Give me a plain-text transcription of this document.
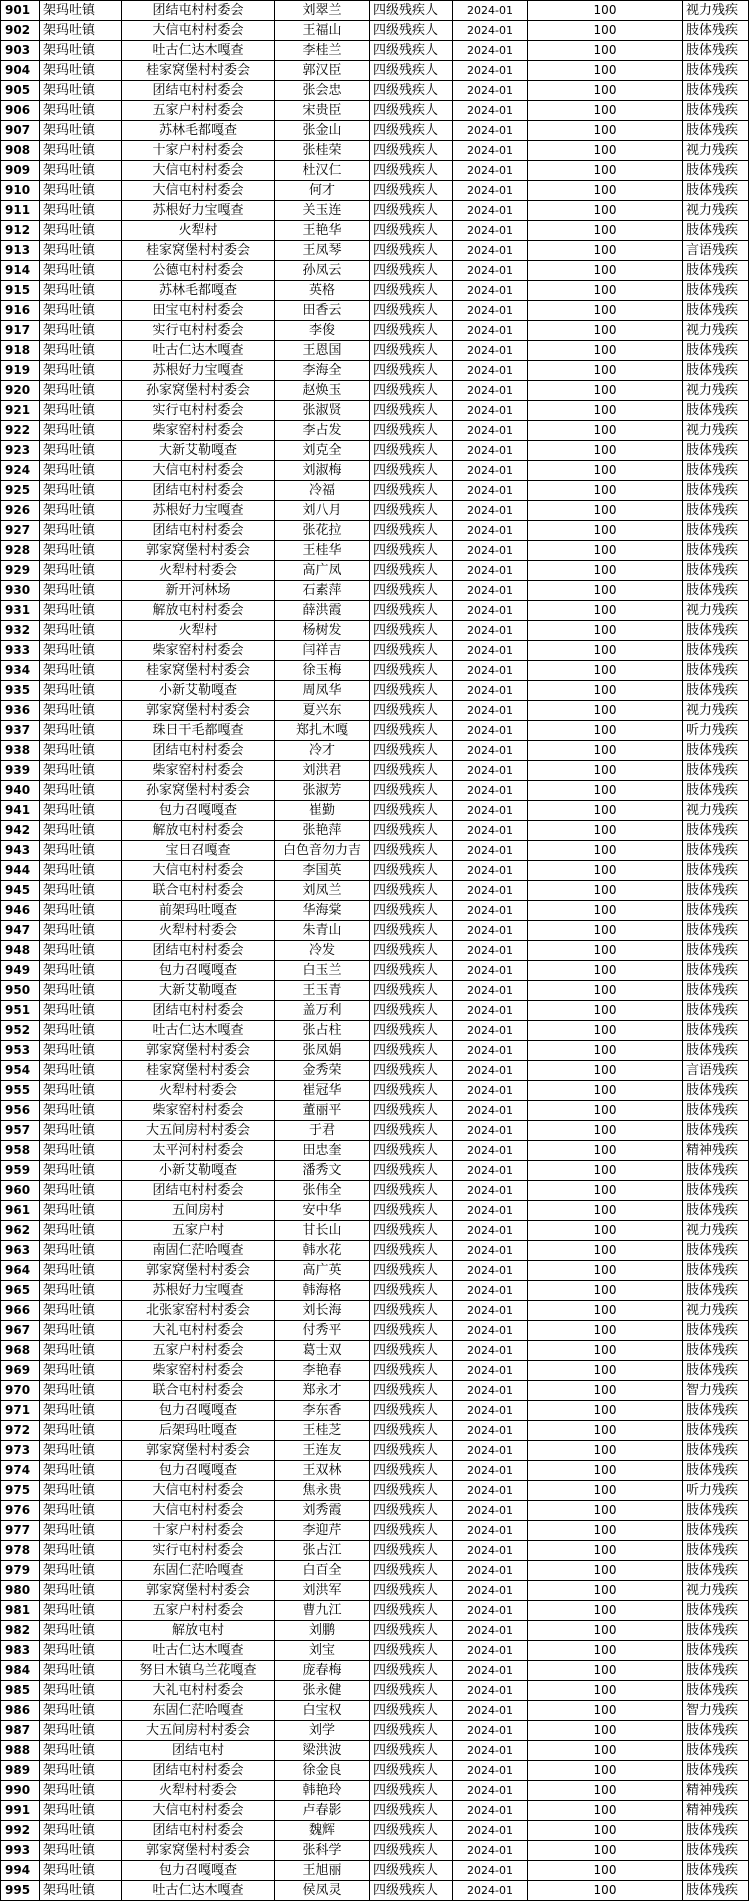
901	架玛吐镇	团结屯村村委会	刘翠兰	四级残疾人	2024-01	100	视力残疾
902	架玛吐镇	大信屯村村委会	王福山	四级残疾人	2024-01	100	肢体残疾
903	架玛吐镇	吐古仁达木嘎查	李桂兰	四级残疾人	2024-01	100	肢体残疾
904	架玛吐镇	桂家窝堡村村委会	郭汉臣	四级残疾人	2024-01	100	肢体残疾
905	架玛吐镇	团结屯村村委会	张会忠	四级残疾人	2024-01	100	肢体残疾
906	架玛吐镇	五家户村村委会	宋贵臣	四级残疾人	2024-01	100	肢体残疾
907	架玛吐镇	苏林毛都嘎查	张金山	四级残疾人	2024-01	100	肢体残疾
908	架玛吐镇	十家户村村委会	张桂荣	四级残疾人	2024-01	100	视力残疾
909	架玛吐镇	大信屯村村委会	杜汉仁	四级残疾人	2024-01	100	肢体残疾
910	架玛吐镇	大信屯村村委会	何才	四级残疾人	2024-01	100	肢体残疾
911	架玛吐镇	苏根好力宝嘎查	关玉连	四级残疾人	2024-01	100	视力残疾
912	架玛吐镇	火犁村	王艳华	四级残疾人	2024-01	100	肢体残疾
913	架玛吐镇	桂家窝堡村村委会	王凤琴	四级残疾人	2024-01	100	言语残疾
914	架玛吐镇	公德屯村村委会	孙凤云	四级残疾人	2024-01	100	肢体残疾
915	架玛吐镇	苏林毛都嘎查	英格	四级残疾人	2024-01	100	肢体残疾
916	架玛吐镇	田宝屯村村委会	田香云	四级残疾人	2024-01	100	肢体残疾
917	架玛吐镇	实行屯村村委会	李俊	四级残疾人	2024-01	100	视力残疾
918	架玛吐镇	吐古仁达木嘎查	王恩国	四级残疾人	2024-01	100	肢体残疾
919	架玛吐镇	苏根好力宝嘎查	李海全	四级残疾人	2024-01	100	肢体残疾
920	架玛吐镇	孙家窝堡村村委会	赵焕玉	四级残疾人	2024-01	100	视力残疾
921	架玛吐镇	实行屯村村委会	张淑贤	四级残疾人	2024-01	100	肢体残疾
922	架玛吐镇	柴家窑村村委会	李占发	四级残疾人	2024-01	100	视力残疾
923	架玛吐镇	大新艾勒嘎查	刘克全	四级残疾人	2024-01	100	肢体残疾
924	架玛吐镇	大信屯村村委会	刘淑梅	四级残疾人	2024-01	100	肢体残疾
925	架玛吐镇	团结屯村村委会	冷福	四级残疾人	2024-01	100	肢体残疾
926	架玛吐镇	苏根好力宝嘎查	刘八月	四级残疾人	2024-01	100	肢体残疾
927	架玛吐镇	团结屯村村委会	张花拉	四级残疾人	2024-01	100	肢体残疾
928	架玛吐镇	郭家窝堡村村委会	王桂华	四级残疾人	2024-01	100	肢体残疾
929	架玛吐镇	火犁村村委会	高广凤	四级残疾人	2024-01	100	肢体残疾
930	架玛吐镇	新开河林场	石素萍	四级残疾人	2024-01	100	肢体残疾
931	架玛吐镇	解放屯村村委会	薛洪霞	四级残疾人	2024-01	100	视力残疾
932	架玛吐镇	火犁村	杨树发	四级残疾人	2024-01	100	肢体残疾
933	架玛吐镇	柴家窑村村委会	闫祥吉	四级残疾人	2024-01	100	肢体残疾
934	架玛吐镇	桂家窝堡村村委会	徐玉梅	四级残疾人	2024-01	100	肢体残疾
935	架玛吐镇	小新艾勒嘎查	周凤华	四级残疾人	2024-01	100	肢体残疾
936	架玛吐镇	郭家窝堡村村委会	夏兴东	四级残疾人	2024-01	100	视力残疾
937	架玛吐镇	珠日干毛都嘎查	郑扎木嘎	四级残疾人	2024-01	100	听力残疾
938	架玛吐镇	团结屯村村委会	冷才	四级残疾人	2024-01	100	肢体残疾
939	架玛吐镇	柴家窑村村委会	刘洪君	四级残疾人	2024-01	100	肢体残疾
940	架玛吐镇	孙家窝堡村村委会	张淑芳	四级残疾人	2024-01	100	肢体残疾
941	架玛吐镇	包力召嘎嘎查	崔勤	四级残疾人	2024-01	100	视力残疾
942	架玛吐镇	解放屯村村委会	张艳萍	四级残疾人	2024-01	100	肢体残疾
943	架玛吐镇	宝日召嘎查	白色音勿力吉	四级残疾人	2024-01	100	肢体残疾
944	架玛吐镇	大信屯村村委会	李国英	四级残疾人	2024-01	100	肢体残疾
945	架玛吐镇	联合屯村村委会	刘凤兰	四级残疾人	2024-01	100	肢体残疾
946	架玛吐镇	前架玛吐嘎查	华海棠	四级残疾人	2024-01	100	肢体残疾
947	架玛吐镇	火犁村村委会	朱青山	四级残疾人	2024-01	100	肢体残疾
948	架玛吐镇	团结屯村村委会	冷发	四级残疾人	2024-01	100	肢体残疾
949	架玛吐镇	包力召嘎嘎查	白玉兰	四级残疾人	2024-01	100	肢体残疾
950	架玛吐镇	大新艾勒嘎查	王玉青	四级残疾人	2024-01	100	肢体残疾
951	架玛吐镇	团结屯村村委会	盖万利	四级残疾人	2024-01	100	肢体残疾
952	架玛吐镇	吐古仁达木嘎查	张占柱	四级残疾人	2024-01	100	肢体残疾
953	架玛吐镇	郭家窝堡村村委会	张凤娟	四级残疾人	2024-01	100	肢体残疾
954	架玛吐镇	桂家窝堡村村委会	金秀荣	四级残疾人	2024-01	100	言语残疾
955	架玛吐镇	火犁村村委会	崔冠华	四级残疾人	2024-01	100	肢体残疾
956	架玛吐镇	柴家窑村村委会	董丽平	四级残疾人	2024-01	100	肢体残疾
957	架玛吐镇	大五间房村村委会	于君	四级残疾人	2024-01	100	肢体残疾
958	架玛吐镇	太平河村村委会	田忠奎	四级残疾人	2024-01	100	精神残疾
959	架玛吐镇	小新艾勒嘎查	潘秀文	四级残疾人	2024-01	100	肢体残疾
960	架玛吐镇	团结屯村村委会	张伟全	四级残疾人	2024-01	100	肢体残疾
961	架玛吐镇	五间房村	安中华	四级残疾人	2024-01	100	肢体残疾
962	架玛吐镇	五家户村	甘长山	四级残疾人	2024-01	100	视力残疾
963	架玛吐镇	南固仁茫哈嘎查	韩水花	四级残疾人	2024-01	100	肢体残疾
964	架玛吐镇	郭家窝堡村村委会	高广英	四级残疾人	2024-01	100	肢体残疾
965	架玛吐镇	苏根好力宝嘎查	韩海格	四级残疾人	2024-01	100	肢体残疾
966	架玛吐镇	北张家窑村村委会	刘长海	四级残疾人	2024-01	100	视力残疾
967	架玛吐镇	大礼屯村村委会	付秀平	四级残疾人	2024-01	100	肢体残疾
968	架玛吐镇	五家户村村委会	葛士双	四级残疾人	2024-01	100	肢体残疾
969	架玛吐镇	柴家窑村村委会	李艳春	四级残疾人	2024-01	100	肢体残疾
970	架玛吐镇	联合屯村村委会	郑永才	四级残疾人	2024-01	100	智力残疾
971	架玛吐镇	包力召嘎嘎查	李东香	四级残疾人	2024-01	100	肢体残疾
972	架玛吐镇	后架玛吐嘎查	王桂芝	四级残疾人	2024-01	100	肢体残疾
973	架玛吐镇	郭家窝堡村村委会	王连友	四级残疾人	2024-01	100	肢体残疾
974	架玛吐镇	包力召嘎嘎查	王双林	四级残疾人	2024-01	100	肢体残疾
975	架玛吐镇	大信屯村村委会	焦永贵	四级残疾人	2024-01	100	听力残疾
976	架玛吐镇	大信屯村村委会	刘秀霞	四级残疾人	2024-01	100	肢体残疾
977	架玛吐镇	十家户村村委会	李迎芹	四级残疾人	2024-01	100	肢体残疾
978	架玛吐镇	实行屯村村委会	张占江	四级残疾人	2024-01	100	肢体残疾
979	架玛吐镇	东固仁茫哈嘎查	白百全	四级残疾人	2024-01	100	肢体残疾
980	架玛吐镇	郭家窝堡村村委会	刘洪军	四级残疾人	2024-01	100	视力残疾
981	架玛吐镇	五家户村村委会	曹九江	四级残疾人	2024-01	100	肢体残疾
982	架玛吐镇	解放屯村	刘鹏	四级残疾人	2024-01	100	肢体残疾
983	架玛吐镇	吐古仁达木嘎查	刘宝	四级残疾人	2024-01	100	肢体残疾
984	架玛吐镇	努日木镇乌兰花嘎查	庞春梅	四级残疾人	2024-01	100	肢体残疾
985	架玛吐镇	大礼屯村村委会	张永健	四级残疾人	2024-01	100	肢体残疾
986	架玛吐镇	东固仁茫哈嘎查	白宝权	四级残疾人	2024-01	100	智力残疾
987	架玛吐镇	大五间房村村委会	刘学	四级残疾人	2024-01	100	肢体残疾
988	架玛吐镇	团结屯村	梁洪波	四级残疾人	2024-01	100	肢体残疾
989	架玛吐镇	团结屯村村委会	徐金良	四级残疾人	2024-01	100	肢体残疾
990	架玛吐镇	火犁村村委会	韩艳玲	四级残疾人	2024-01	100	精神残疾
991	架玛吐镇	大信屯村村委会	卢春影	四级残疾人	2024-01	100	精神残疾
992	架玛吐镇	团结屯村村委会	魏辉	四级残疾人	2024-01	100	肢体残疾
993	架玛吐镇	郭家窝堡村村委会	张科学	四级残疾人	2024-01	100	肢体残疾
994	架玛吐镇	包力召嘎嘎查	王旭丽	四级残疾人	2024-01	100	肢体残疾
995	架玛吐镇	吐古仁达木嘎查	侯凤灵	四级残疾人	2024-01	100	肢体残疾
